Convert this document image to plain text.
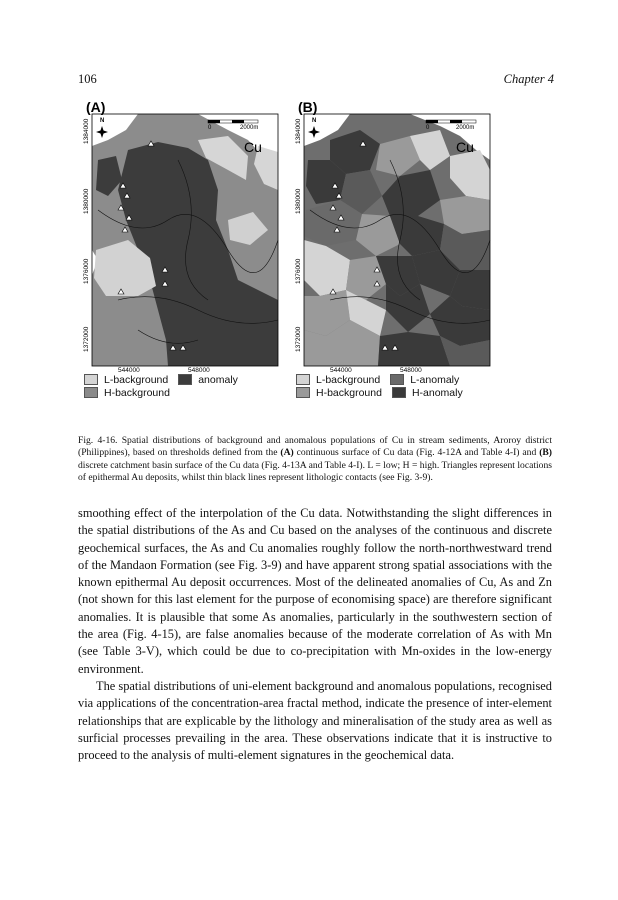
106	Chapter 4
N
(A)
Cu
0	2000m
1384000
1380000
1376000
1372000
544000	548000
N
(B)
Cu
0	2000m
1384000
1380000
1376000
1372000
544000	548000
L-background	anomaly
H-background
L-background	L-anomaly
H-background	H-anomaly
Fig. 4-16. Spatial distributions of background and anomalous populations of Cu in stream sediments, Aroroy district (Philippines), based on thresholds defined from the (A) continuous surface of Cu data (Fig. 4-12A and Table 4-I) and (B) discrete catchment basin surface of the Cu data (Fig. 4-13A and Table 4-I). L = low; H = high. Triangles represent locations of epithermal Au deposits, whilst thin black lines represent lithologic contacts (see Fig. 3-9).

smoothing effect of the interpolation of the Cu data. Notwithstanding the slight differences in the spatial distributions of the As and Cu based on the analyses of the continuous and discrete geochemical surfaces, the As and Cu anomalies roughly follow the north-northwestward trend of the Mandaon Formation (see Fig. 3-9) and have apparent strong spatial associations with the known epithermal Au deposit occurrences. Most of the delineated anomalies of Cu, As and Zn (not shown for this last element for the purpose of economising space) are therefore significant anomalies. It is plausible that some As anomalies, particularly in the southwestern section of the area (Fig. 4-15), are false anomalies because of the moderate correlation of As with Mn (see Table 3-V), which could be due to co-precipitation with Mn-oxides in the low-energy environment.

The spatial distributions of uni-element background and anomalous populations, recognised via applications of the concentration-area fractal method, indicate the presence of inter-element relationships that are explicable by the lithology and mineralisation of the study area as well as surficial processes prevailing in the area. These observations indicate that it is instructive to proceed to the analysis of multi-element signatures in the geochemical data.
